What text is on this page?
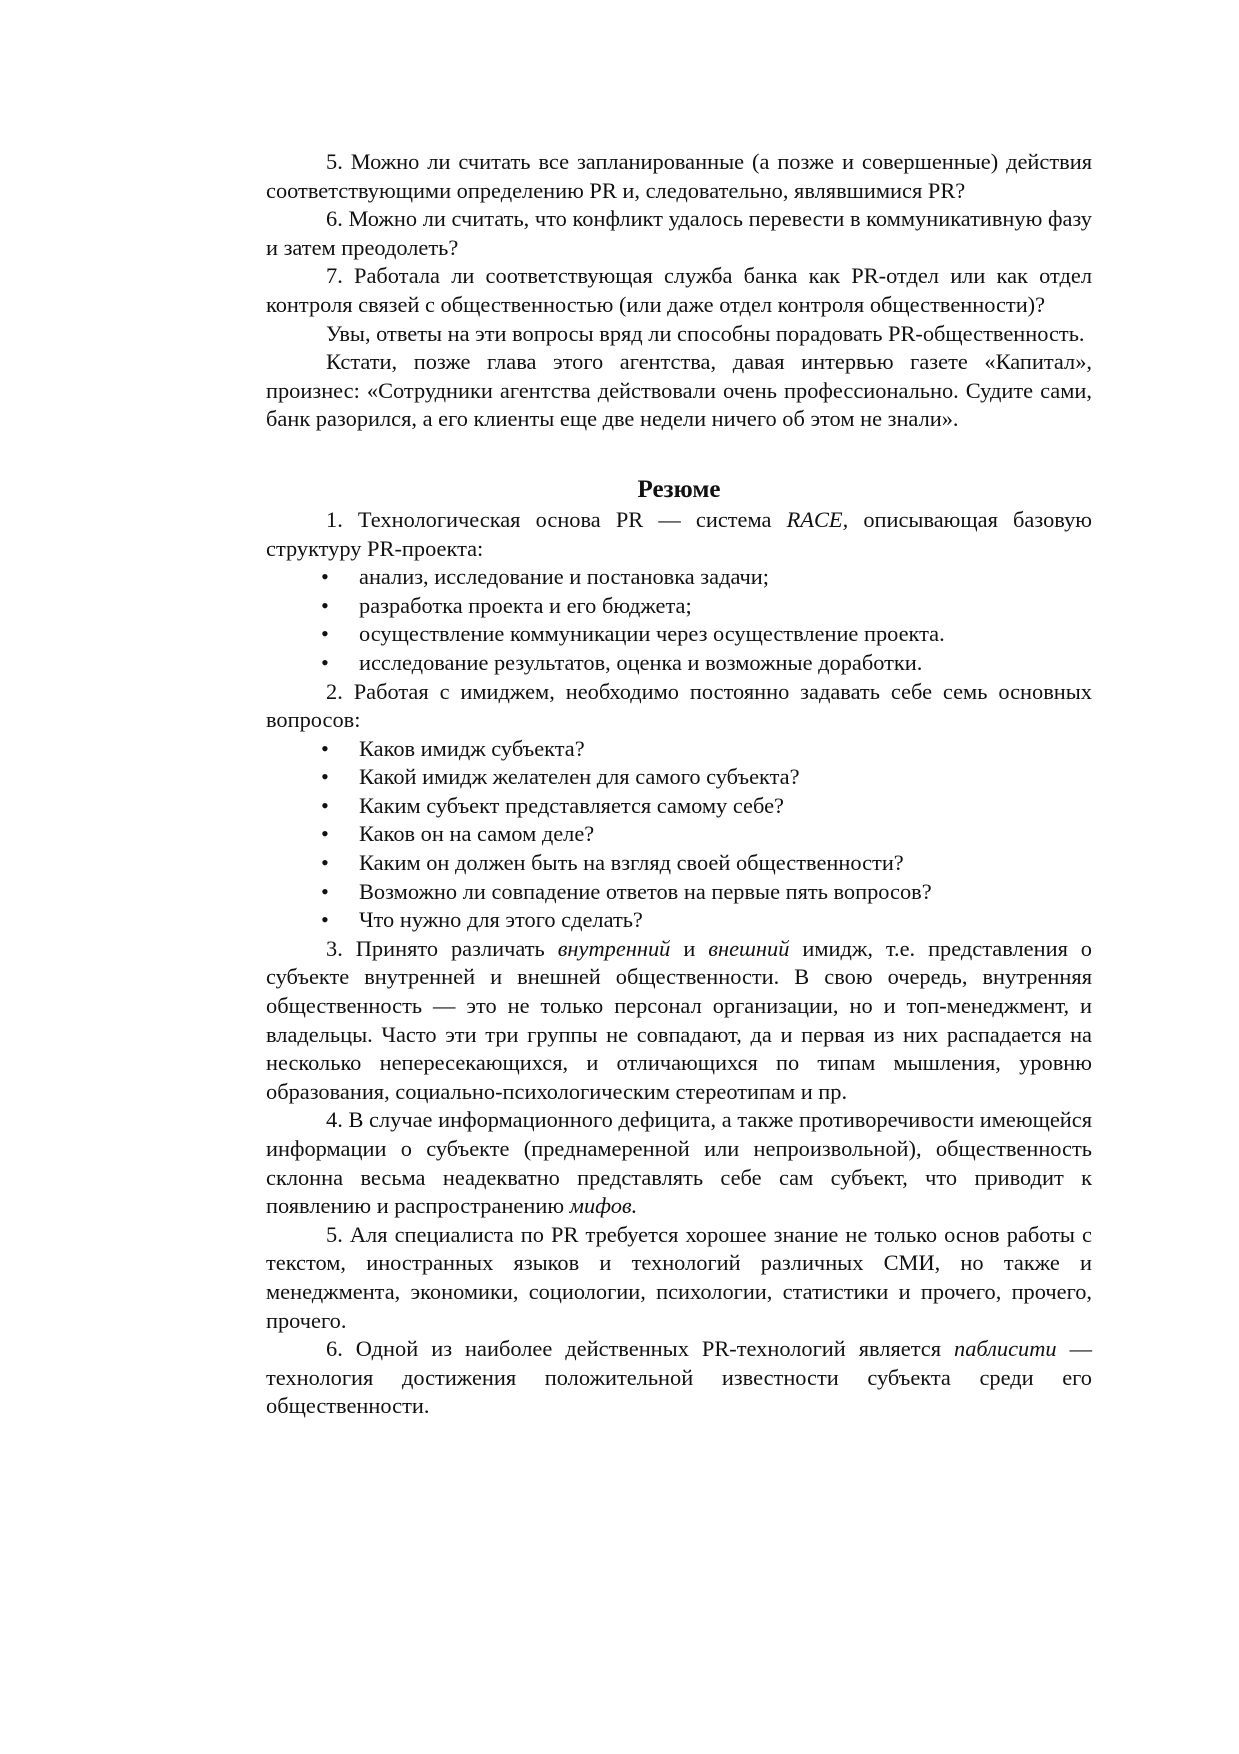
5. Можно ли считать все запланированные (а позже и совершенные) действия соответствующими определению PR и, следовательно, являвшимися PR?

6. Можно ли считать, что конфликт удалось перевести в коммуникативную фазу и затем преодолеть?

7. Работала ли соответствующая служба банка как PR-отдел или как отдел контроля связей с общественностью (или даже отдел контроля общественности)?

Увы, ответы на эти вопросы вряд ли способны порадовать PR-общественность.

Кстати, позже глава этого агентства, давая интервью газете «Капитал», произнес: «Сотрудники агентства действовали очень профессионально. Судите сами, банк разорился, а его клиенты еще две недели ничего об этом не знали».

Резюме

1. Технологическая основа PR — система RACE, описывающая базовую структуру PR-проекта:

• анализ, исследование и постановка задачи;
• разработка проекта и его бюджета;
• осуществление коммуникации через осуществление проекта.
• исследование результатов, оценка и возможные доработки.

2. Работая с имиджем, необходимо постоянно задавать себе семь основных вопросов:

• Каков имидж субъекта?
• Какой имидж желателен для самого субъекта?
• Каким субъект представляется самому себе?
• Каков он на самом деле?
• Каким он должен быть на взгляд своей общественности?
• Возможно ли совпадение ответов на первые пять вопросов?
• Что нужно для этого сделать?

3. Принято различать внутренний и внешний имидж, т.е. представления о субъекте внутренней и внешней общественности. В свою очередь, внутренняя общественность — это не только персонал организации, но и топ-менеджмент, и владельцы. Часто эти три группы не совпадают, да и первая из них распадается на несколько непересекающихся, и отличающихся по типам мышления, уровню образования, социально-психологическим стереотипам и пр.

4. В случае информационного дефицита, а также противоречивости имеющейся информации о субъекте (преднамеренной или непроизвольной), общественность склонна весьма неадекватно представлять себе сам субъект, что приводит к появлению и распространению мифов.

5. Аля специалиста по PR требуется хорошее знание не только основ работы с текстом, иностранных языков и технологий различных СМИ, но также и менеджмента, экономики, социологии, психологии, статистики и прочего, прочего, прочего.

6. Одной из наиболее действенных PR-технологий является паблисити — технология достижения положительной известности субъекта среди его общественности.
